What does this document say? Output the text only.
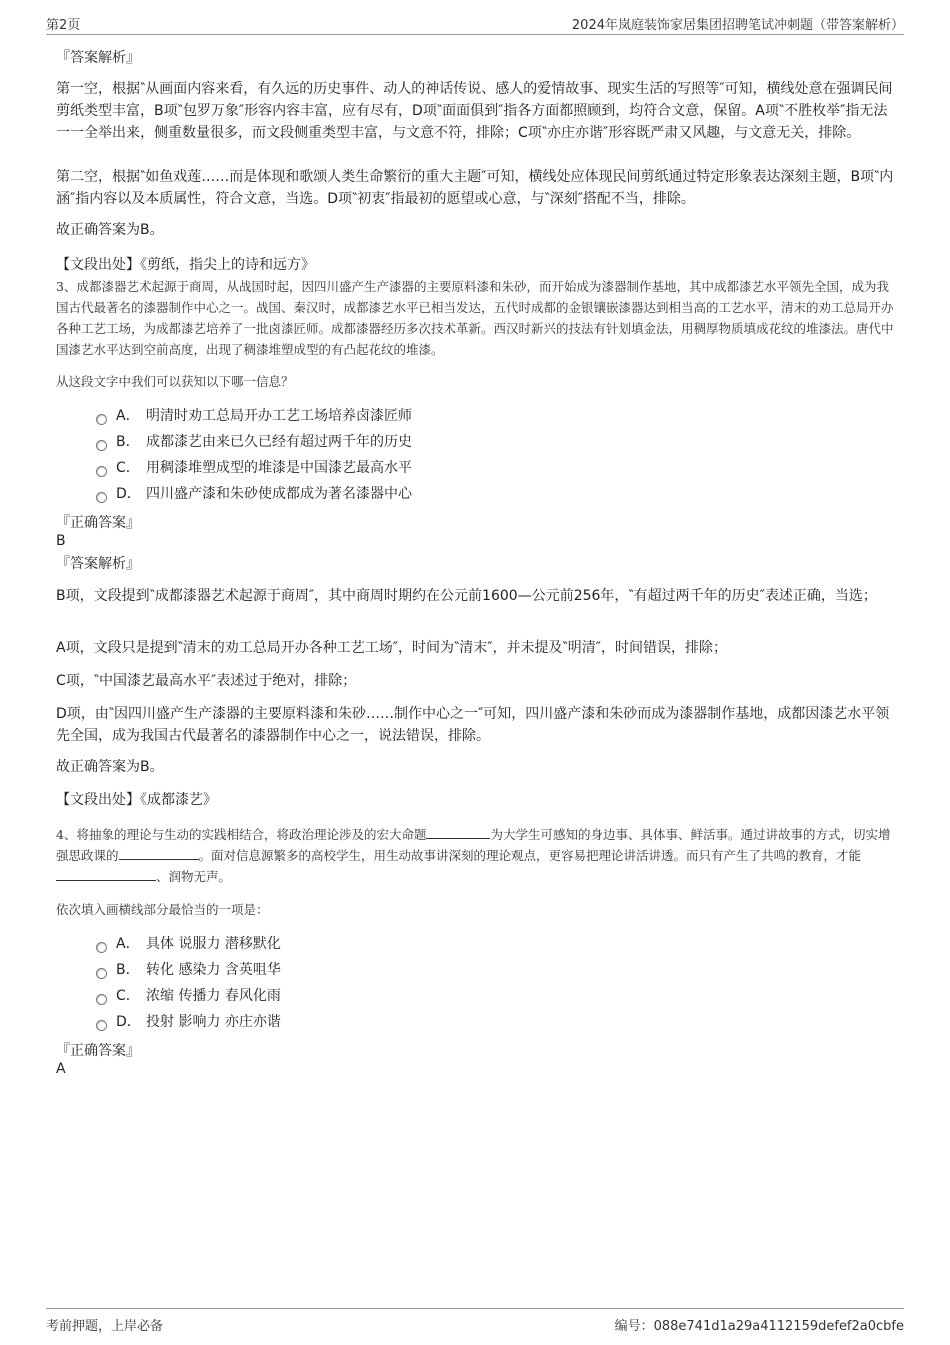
第2页	2024年岚庭装饰家居集团招聘笔试冲刺题（带答案解析）

『答案解析』

第一空，根据‶从画面内容来看，有久远的历史事件、动人的神话传说、感人的爱情故事、现实生活的写照等″可知，横线处意在强调民间剪纸类型丰富，B项‶包罗万象″形容内容丰富，应有尽有，D项‶面面俱到″指各方面都照顾到，均符合文意，保留。A项‶不胜枚举″指无法一一全举出来，侧重数量很多，而文段侧重类型丰富，与文意不符，排除；C项‶亦庄亦谐″形容既严肃又风趣，与文意无关，排除。

第二空，根据‶如鱼戏莲……而是体现和歌颂人类生命繁衍的重大主题″可知，横线处应体现民间剪纸通过特定形象表达深刻主题，B项‶内涵″指内容以及本质属性，符合文意，当选。D项‶初衷″指最初的愿望或心意，与‶深刻″搭配不当，排除。

故正确答案为B。

【文段出处】《剪纸，指尖上的诗和远方》

3、成都漆器艺术起源于商周，从战国时起，因四川盛产生产漆器的主要原料漆和朱砂，而开始成为漆器制作基地，其中成都漆艺水平领先全国，成为我国古代最著名的漆器制作中心之一。战国、秦汉时，成都漆艺水平已相当发达，五代时成都的金银镶嵌漆器达到相当高的工艺水平，清末的劝工总局开办各种工艺工场，为成都漆艺培养了一批卤漆匠师。成都漆器经历多次技术革新。西汉时新兴的技法有针划填金法，用稠厚物质填成花纹的堆漆法。唐代中国漆艺水平达到空前高度，出现了稠漆堆塑成型的有凸起花纹的堆漆。

从这段文字中我们可以获知以下哪一信息？

A． 明清时劝工总局开办工艺工场培养卤漆匠师
B． 成都漆艺由来已久已经有超过两千年的历史
C． 用稠漆堆塑成型的堆漆是中国漆艺最高水平
D． 四川盛产漆和朱砂使成都成为著名漆器中心

『正确答案』

B

『答案解析』

B项，文段提到‶成都漆器艺术起源于商周″，其中商周时期约在公元前1600—公元前256年，‶有超过两千年的历史″表述正确，当选；

A项，文段只是提到‶清末的劝工总局开办各种工艺工场″，时间为‶清末″，并未提及‶明清″，时间错误，排除；

C项，‶中国漆艺最高水平″表述过于绝对，排除；

D项，由‶因四川盛产生产漆器的主要原料漆和朱砂……制作中心之一″可知，四川盛产漆和朱砂而成为漆器制作基地，成都因漆艺水平领先全国，成为我国古代最著名的漆器制作中心之一，说法错误，排除。

故正确答案为B。

【文段出处】《成都漆艺》

4、将抽象的理论与生动的实践相结合，将政治理论涉及的宏大命题	为大学生可感知的身边事、具体事、鲜活事。通过讲故事的方式，切实增强思政课的	。面对信息源繁多的高校学生，用生动故事讲深刻的理论观点，更容易把理论讲活讲透。而只有产生了共鸣的教育，才能、润物无声。

依次填入画横线部分最恰当的一项是：

A． 具体 说服力 潜移默化
B． 转化 感染力 含英咀华
C． 浓缩 传播力 春风化雨
D． 投射 影响力 亦庄亦谐

『正确答案』

A

考前押题，上岸必备	编号：088e741d1a29a4112159defef2a0cbfe
